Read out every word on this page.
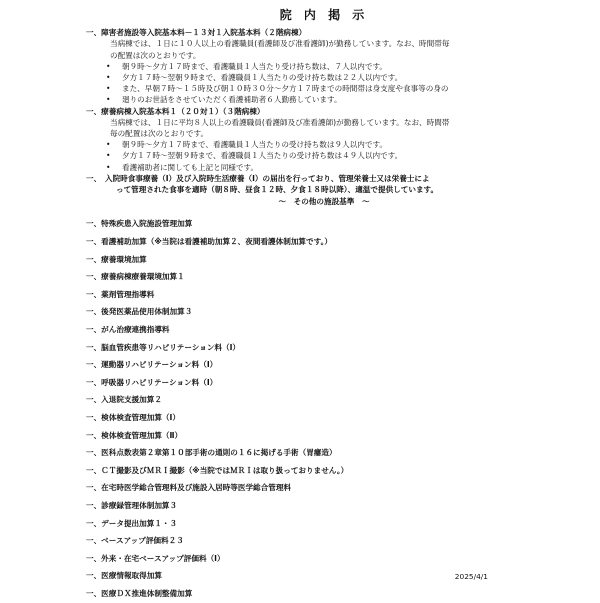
院 内 掲 示
一、障害者施設等入院基本料－１３対１入院基本料（２階病棟）
当病棟では、１日に１０人以上の看護職員(看護師及び准看護師)が勤務しています。なお、時間帯毎
の配置は次のとおりです。
• 朝９時～夕方１７時まで、看護職員１人当たり受け持ち数は、７人以内です。
• 夕方１７時～翌朝９時まで、看護職員１人当たりの受け持ち数は２２人以内です。
• また、早朝７時～１５時及び朝１０時３０分～夕方１７時までの時間帯は身支度や食事等の身の
• 廻りのお世話をさせていただく看護補助者６人勤務しています。
一、療養病棟入院基本料１（２０対１）（３階病棟）
当病棟では、１日に平均８人以上の看護職員(看護師及び准看護師)が勤務しています。なお、時間帯
毎の配置は次のとおりです。
• 朝９時～夕方１７時まで、看護職員１人当たりの受け持ち数は９人以内です。
• 夕方１７時～翌朝９時まで、看護職員１人当たりの受け持ち数は４９人以内です。
• 看護補助者に関しても上記と同様です。
一、　入院時食事療養（Ⅰ）及び入院時生活療養（Ⅰ）の届出を行っており、管理栄養士又は栄養士によ
って管理された食事を適時（朝８時、昼食１２時、夕食１８時以降）、適温で提供しています。
～　その他の施設基準　～
一、特殊疾患入院施設管理加算
一、看護補助加算（※当院は看護補助加算２、夜間看護体制加算です。）
一、療養環境加算
一、療養病棟療養環境加算１
一、薬剤管理指導料
一、後発医薬品使用体制加算３
一、がん治療連携指導料
一、脳血管疾患等リハビリテーション料（Ⅰ）
一、運動器リハビリテーション料（Ⅰ）
一、呼吸器リハビリテーション料（Ⅰ）
一、入退院支援加算２
一、検体検査管理加算（Ⅰ）
一、検体検査管理加算（Ⅱ）
一、医科点数表第２章第１０部手術の通則の１６に掲げる手術（胃瘻造）
一、ＣＴ撮影及びＭＲＩ撮影（※当院ではＭＲＩは取り扱っておりません。）
一、在宅時医学総合管理料及び施設入居時等医学総合管理料
一、診療録管理体制加算３
一、データ提出加算１・３
一、ベースアップ評価料２３
一、外来・在宅ベースアップ評価料（Ⅰ）
一、医療情報取得加算
一、医療ＤＸ推進体制整備加算
2025/4/1
